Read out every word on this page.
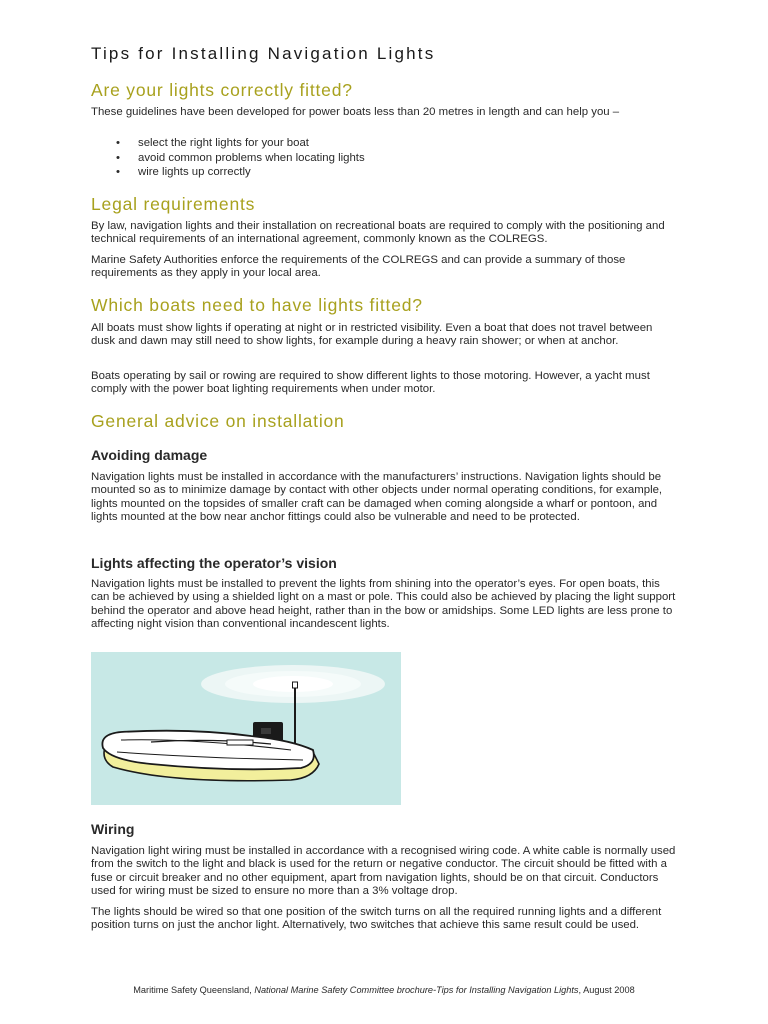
Tips for Installing Navigation Lights
Are your lights correctly fitted?

These guidelines have been developed for power boats less than 20 metres in length and can help you –

• select the right lights for your boat
• avoid common problems when locating lights
• wire lights up correctly
Legal requirements

By law, navigation lights and their installation on recreational boats are required to comply with the positioning and technical requirements of an international agreement, commonly known as the COLREGS.

Marine Safety Authorities enforce the requirements of the COLREGS and can provide a summary of those requirements as they apply in your local area.

Which boats need to have lights fitted?

All boats must show lights if operating at night or in restricted visibility. Even a boat that does not travel between dusk and dawn may still need to show lights, for example during a heavy rain shower; or when at anchor.

Boats operating by sail or rowing are required to show different lights to those motoring. However, a yacht must comply with the power boat lighting requirements when under motor.

General advice on installation
Avoiding damage

Navigation lights must be installed in accordance with the manufacturers’ instructions. Navigation lights should be mounted so as to minimize damage by contact with other objects under normal operating conditions, for example, lights mounted on the topsides of smaller craft can be damaged when coming alongside a wharf or pontoon, and lights mounted at the bow near anchor fittings could also be vulnerable and need to be protected.

Lights affecting the operator’s vision

Navigation lights must be installed to prevent the lights from shining into the operator’s eyes. For open boats, this can be achieved by using a shielded light on a mast or pole. This could also be achieved by placing the light support behind the operator and above head height, rather than in the bow or amidships. Some LED lights are less prone to affecting night vision than conventional incandescent lights.

Wiring

Navigation light wiring must be installed in accordance with a recognised wiring code. A white cable is normally used from the switch to the light and black is used for the return or negative conductor. The circuit should be fitted with a fuse or circuit breaker and no other equipment, apart from navigation lights, should be on that circuit. Conductors used for wiring must be sized to ensure no more than a 3% voltage drop.

The lights should be wired so that one position of the switch turns on all the required running lights and a different position turns on just the anchor light. Alternatively, two switches that achieve this same result could be used.

Maritime Safety Queensland, National Marine Safety Committee brochure-Tips for Installing Navigation Lights, August 2008
